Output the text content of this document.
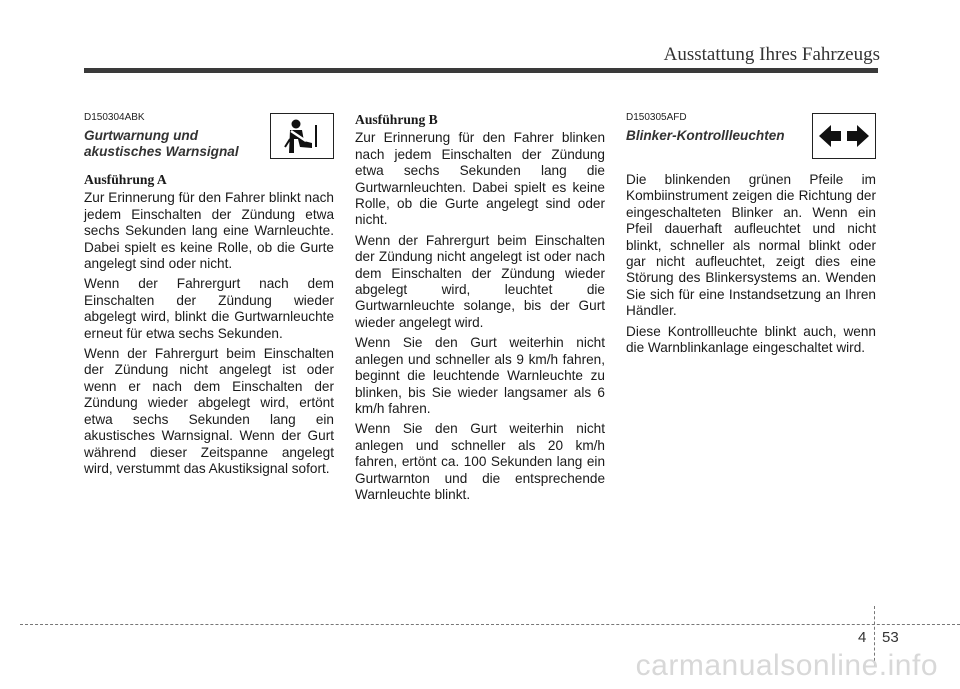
Ausstattung Ihres Fahrzeugs
D150304ABK
Gurtwarnung und
akustisches Warnsignal
Ausführung A

Zur Erinnerung für den Fahrer blinkt nach jedem Einschalten der Zündung etwa sechs Sekunden lang eine Warnleuchte. Dabei spielt es keine Rolle, ob die Gurte angelegt sind oder nicht.

Wenn der Fahrergurt nach dem Einschalten der Zündung wieder abgelegt wird, blinkt die Gurtwarnleuchte erneut für etwa sechs Sekunden.

Wenn der Fahrergurt beim Einschalten der Zündung nicht angelegt ist oder wenn er nach dem Einschalten der Zündung wieder abgelegt wird, ertönt etwa sechs Sekunden lang ein akustisches Warnsignal. Wenn der Gurt während dieser Zeitspanne angelegt wird, verstummt das Akustiksignal sofort.

Ausführung B

Zur Erinnerung für den Fahrer blinken nach jedem Einschalten der Zündung etwa sechs Sekunden lang die Gurtwarnleuchten. Dabei spielt es keine Rolle, ob die Gurte angelegt sind oder nicht.

Wenn der Fahrergurt beim Einschalten der Zündung nicht angelegt ist oder nach dem Einschalten der Zündung wieder abgelegt wird, leuchtet die Gurtwarnleuchte solange, bis der Gurt wieder angelegt wird.

Wenn Sie den Gurt weiterhin nicht anlegen und schneller als 9 km/h fahren, beginnt die leuchtende Warnleuchte zu blinken, bis Sie wieder langsamer als 6 km/h fahren.

Wenn Sie den Gurt weiterhin nicht anlegen und schneller als 20 km/h fahren, ertönt ca. 100 Sekunden lang ein Gurtwarnton und die entsprechende Warnleuchte blinkt.

D150305AFD
Blinker-Kontrollleuchten

Die blinkenden grünen Pfeile im Kombiinstrument zeigen die Richtung der eingeschalteten Blinker an. Wenn ein Pfeil dauerhaft aufleuchtet und nicht blinkt, schneller als normal blinkt oder gar nicht aufleuchtet, zeigt dies eine Störung des Blinkersystems an. Wenden Sie sich für eine Instandsetzung an Ihren Händler.

Diese Kontrollleuchte blinkt auch, wenn die Warnblinkanlage eingeschaltet wird.

4 53
carmanualsonline.info
